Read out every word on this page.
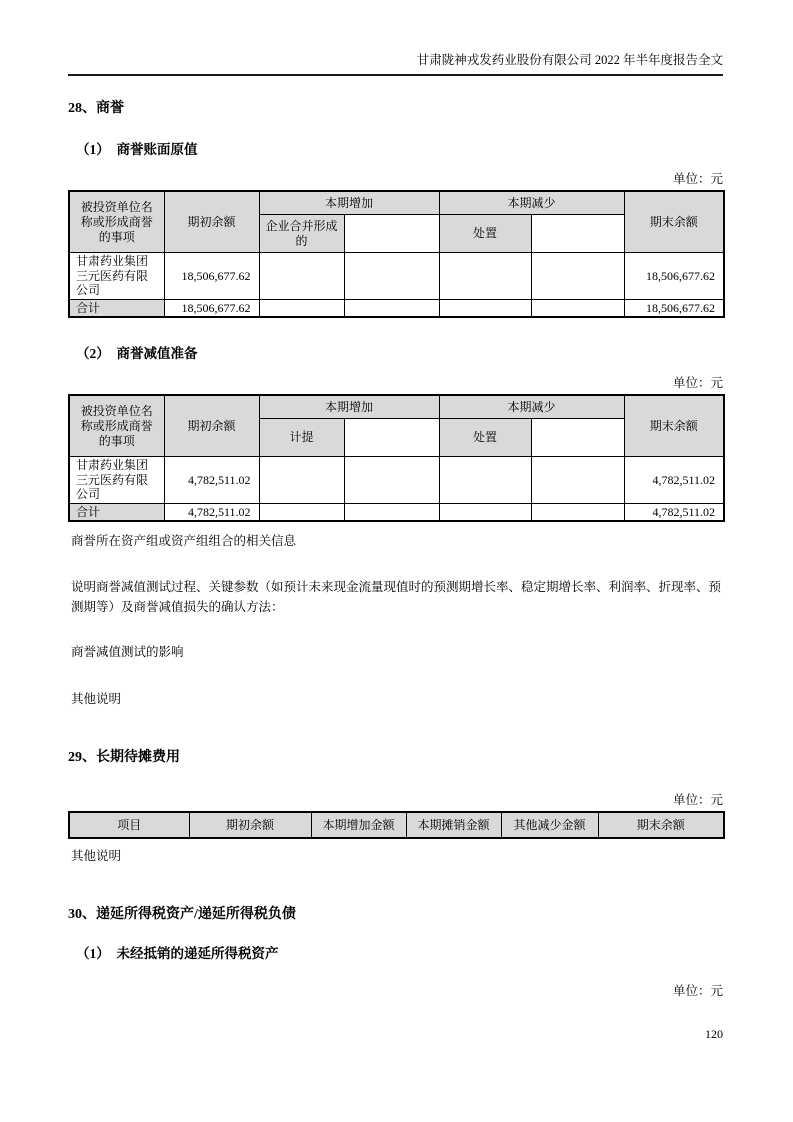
甘肃陇神戎发药业股份有限公司 2022 年半年度报告全文
28、商誉
（1）　商誉账面原值
单位：元
被投资单位名称或形成商誉的事项	期初余额	本期增加		本期减少		期末余额
		企业合并形成的		处置		
甘肃药业集团三元医药有限公司	18,506,677.62					18,506,677.62
合计	18,506,677.62					18,506,677.62
（2）　商誉减值准备
单位：元
被投资单位名称或形成商誉的事项	期初余额	本期增加		本期减少		期末余额
		计提		处置		
甘肃药业集团三元医药有限公司	4,782,511.02					4,782,511.02
合计	4,782,511.02					4,782,511.02

商誉所在资产组或资产组组合的相关信息

说明商誉减值测试过程、关键参数（如预计未来现金流量现值时的预测期增长率、稳定期增长率、利润率、折现率、预测期等）及商誉减值损失的确认方法：

商誉减值测试的影响

其他说明

29、长期待摊费用
单位：元
项目	期初余额	本期增加金额	本期摊销金额	其他减少金额	期末余额

其他说明

30、递延所得税资产/递延所得税负债
（1）　未经抵销的递延所得税资产
单位：元
120
